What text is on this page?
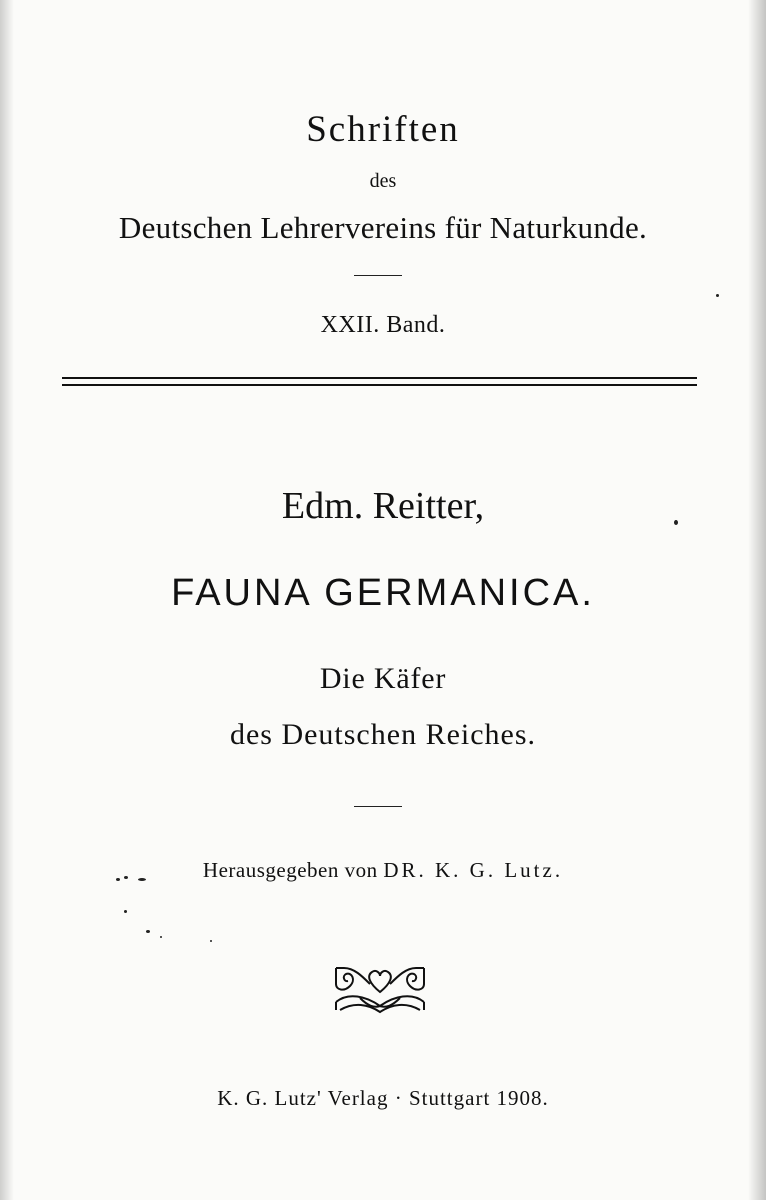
Schriften
des
Deutschen Lehrervereins für Naturkunde.
XXII. Band.
Edm. Reitter,
FAUNA GERMANICA.
Die Käfer
des Deutschen Reiches.
Herausgegeben von DR. K. G. Lutz.
K. G. Lutz' Verlag · Stuttgart 1908.
